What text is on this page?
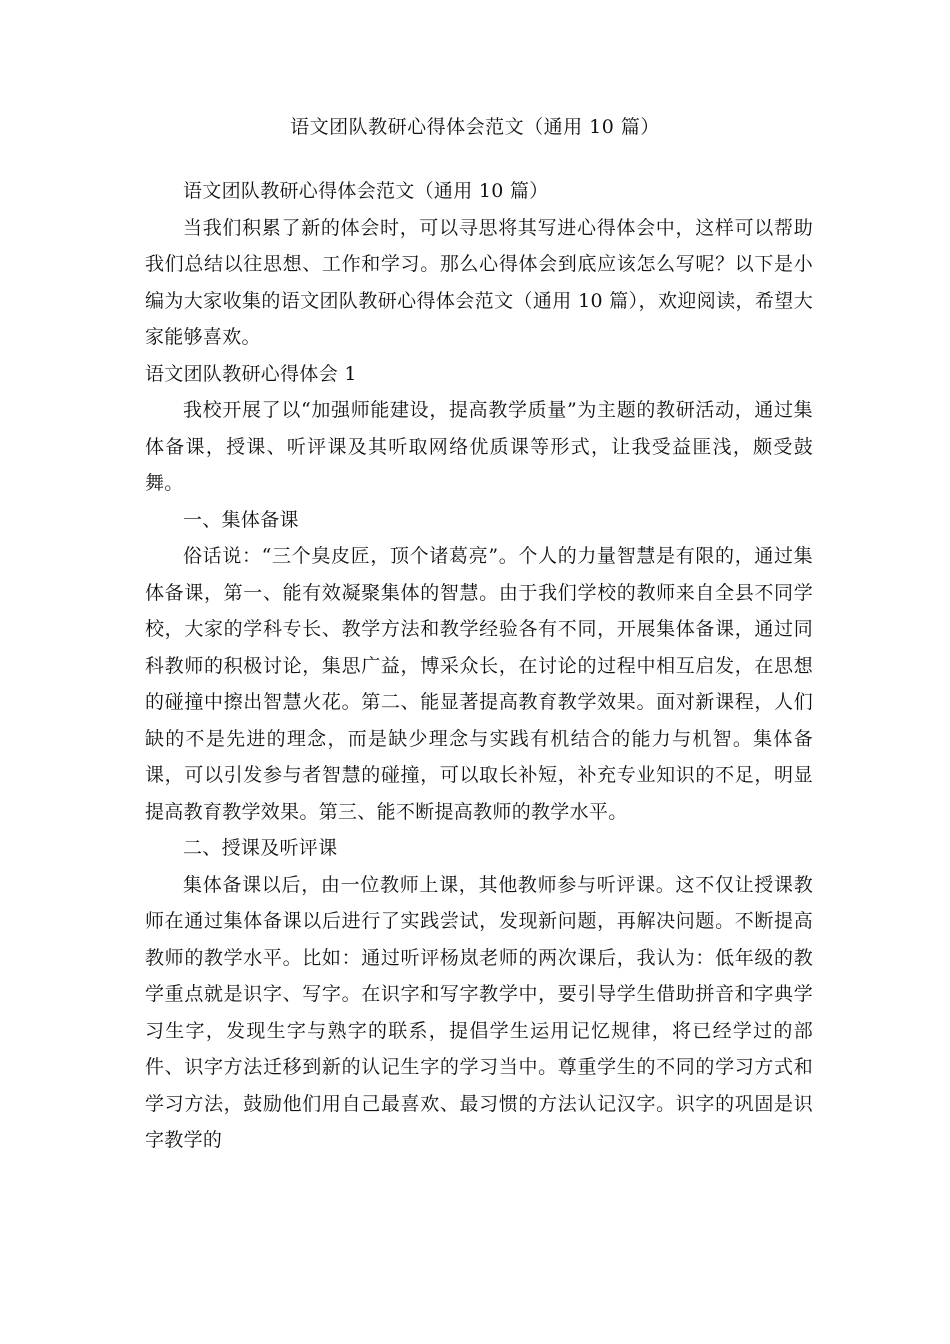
语文团队教研心得体会范文（通用 10 篇）

语文团队教研心得体会范文（通用 10 篇）

当我们积累了新的体会时，可以寻思将其写进心得体会中，这样可以帮助我们总结以往思想、工作和学习。那么心得体会到底应该怎么写呢？以下是小编为大家收集的语文团队教研心得体会范文（通用 10 篇），欢迎阅读，希望大家能够喜欢。

语文团队教研心得体会 1

我校开展了以“加强师能建设，提高教学质量”为主题的教研活动，通过集体备课，授课、听评课及其听取网络优质课等形式，让我受益匪浅，颇受鼓舞。

一、集体备课

俗话说：“三个臭皮匠，顶个诸葛亮”。个人的力量智慧是有限的，通过集体备课，第一、能有效凝聚集体的智慧。由于我们学校的教师来自全县不同学校，大家的学科专长、教学方法和教学经验各有不同，开展集体备课，通过同科教师的积极讨论，集思广益，博采众长，在讨论的过程中相互启发，在思想的碰撞中擦出智慧火花。第二、能显著提高教育教学效果。面对新课程，人们缺的不是先进的理念，而是缺少理念与实践有机结合的能力与机智。集体备课，可以引发参与者智慧的碰撞，可以取长补短，补充专业知识的不足，明显提高教育教学效果。第三、能不断提高教师的教学水平。

二、授课及听评课

集体备课以后，由一位教师上课，其他教师参与听评课。这不仅让授课教师在通过集体备课以后进行了实践尝试，发现新问题，再解决问题。不断提高教师的教学水平。比如：通过听评杨岚老师的两次课后，我认为：低年级的教学重点就是识字、写字。在识字和写字教学中，要引导学生借助拼音和字典学习生字，发现生字与熟字的联系，提倡学生运用记忆规律，将已经学过的部件、识字方法迁移到新的认记生字的学习当中。尊重学生的不同的学习方式和学习方法，鼓励他们用自己最喜欢、最习惯的方法认记汉字。识字的巩固是识字教学的
